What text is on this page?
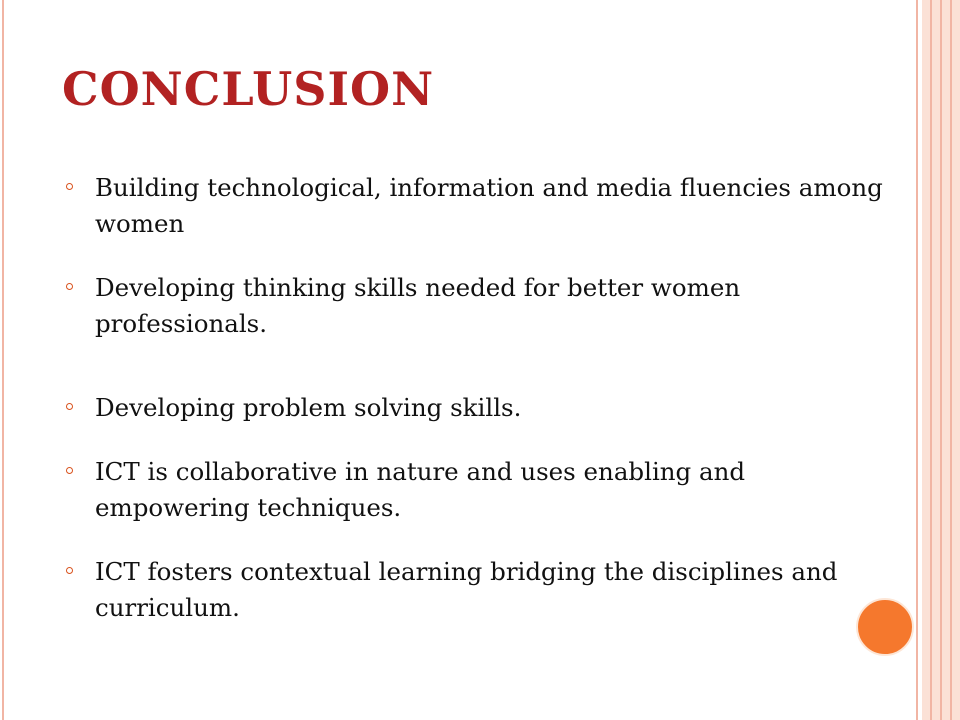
CONCLUSION
Building technological, information and media fluencies among women
Developing thinking skills needed for better women professionals.
Developing problem solving skills.
ICT is collaborative in nature and uses enabling and empowering techniques.
ICT fosters contextual learning bridging the disciplines and curriculum.
